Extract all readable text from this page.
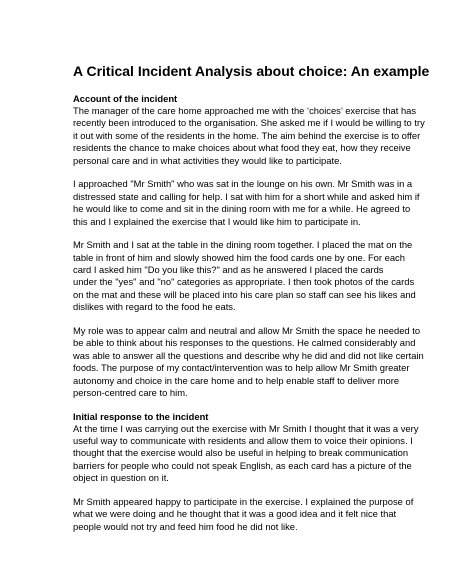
A Critical Incident Analysis about choice: An example
Account of the incident
The manager of the care home approached me with the ‘choices’ exercise that has
recently been introduced to the organisation. She asked me if I would be willing to try
it out with some of the residents in the home. The aim behind the exercise is to offer
residents the chance to make choices about what food they eat, how they receive
personal care and in what activities they would like to participate.
I approached "Mr Smith" who was sat in the lounge on his own. Mr Smith was in a
distressed state and calling for help. I sat with him for a short while and asked him if
he would like to come and sit in the dining room with me for a while. He agreed to
this and I explained the exercise that I would like him to participate in.
Mr Smith and I sat at the table in the dining room together. I placed the mat on the
table in front of him and slowly showed him the food cards one by one. For each
card I asked him "Do you like this?" and as he answered I placed the cards
under the "yes" and "no" categories as appropriate. I then took photos of the cards
on the mat and these will be placed into his care plan so staff can see his likes and
dislikes with regard to the food he eats.
My role was to appear calm and neutral and allow Mr Smith the space he needed to
be able to think about his responses to the questions. He calmed considerably and
was able to answer all the questions and describe why he did and did not like certain
foods. The purpose of my contact/intervention was to help allow Mr Smith greater
autonomy and choice in the care home and to help enable staff to deliver more
person-centred care to him.
Initial response to the incident
At the time I was carrying out the exercise with Mr Smith I thought that it was a very
useful way to communicate with residents and allow them to voice their opinions. I
thought that the exercise would also be useful in helping to break communication
barriers for people who could not speak English, as each card has a picture of the
object in question on it.
Mr Smith appeared happy to participate in the exercise. I explained the purpose of
what we were doing and he thought that it was a good idea and it felt nice that
people would not try and feed him food he did not like.
